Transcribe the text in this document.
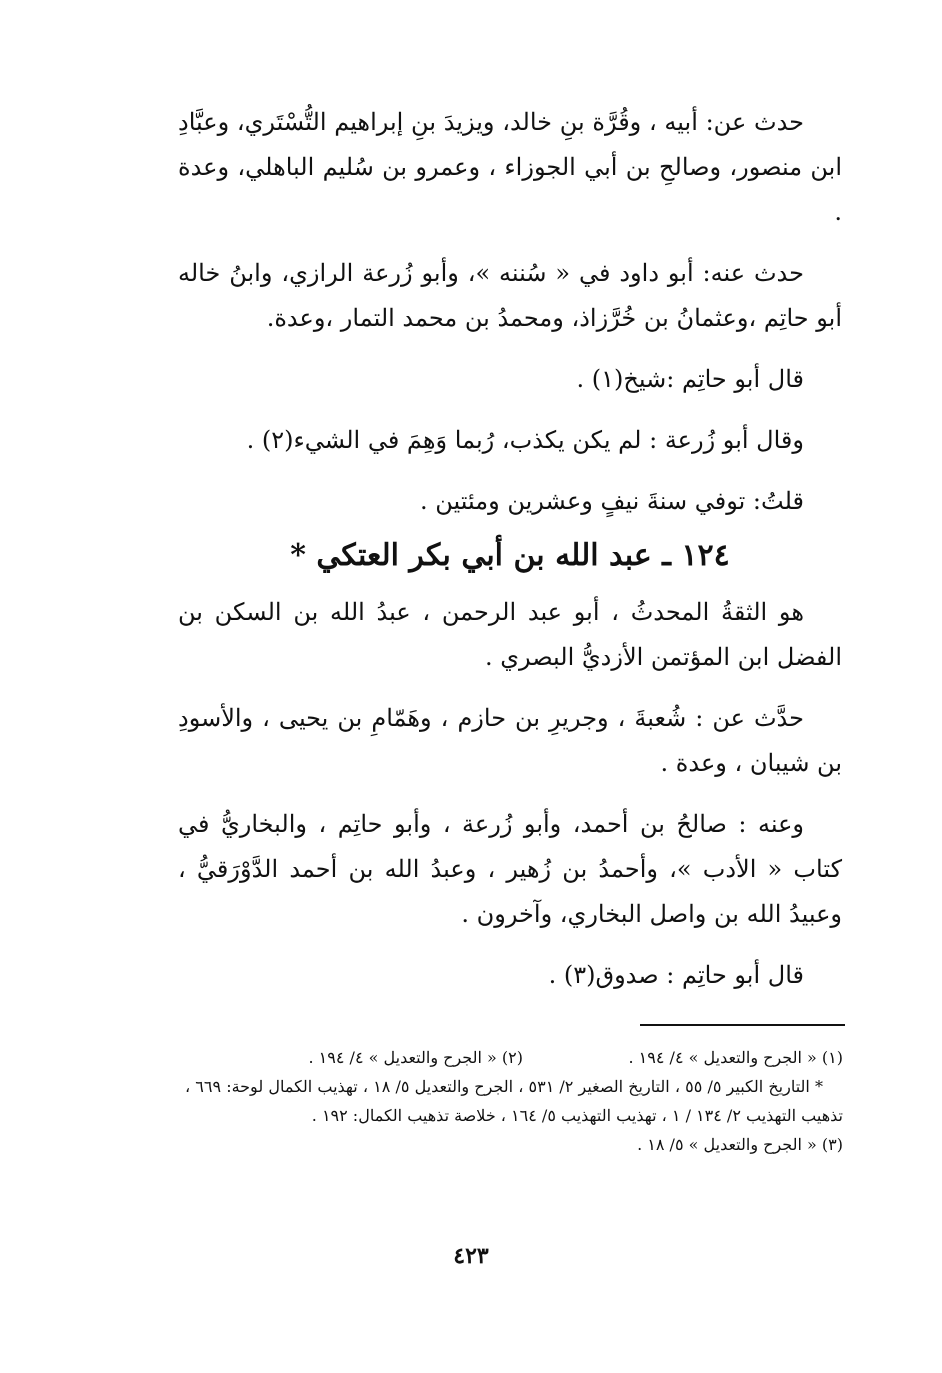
حدث عن: أبيه ، وقُرَّة بنِ خالد، ويزيدَ بنِ إبراهيم التُّسْتَري، وعبَّادِ ابن منصور، وصالحِ بن أبي الجوزاء ، وعمرو بن سُليم الباهلي، وعدة .

حدث عنه: أبو داود في « سُننه »، وأبو زُرعة الرازي، وابنُ خاله أبو حاتِم ،وعثمانُ بن خُرَّزاذ، ومحمدُ بن محمد التمار ،وعدة.

قال أبو حاتِم :شيخ(١) .

وقال أبو زُرعة : لم يكن يكذب، رُبما وَهِمَ في الشيء(٢) .

قلتُ: توفي سنةَ نيفٍ وعشرين ومئتين .

١٢٤ ـ عبد الله بن أبي بكر العتكي *

هو الثقةُ المحدثُ ، أبو عبد الرحمن ، عبدُ الله بن السكن بن الفضل ابن المؤتمن الأزديُّ البصري .

حدَّث عن : شُعبةَ ، وجريرِ بن حازم ، وهَمّامِ بن يحيى ، والأسودِ بن شيبان ، وعدة .

وعنه : صالحُ بن أحمد، وأبو زُرعة ، وأبو حاتِم ، والبخاريُّ في كتاب « الأدب »، وأحمدُ بن زُهير ، وعبدُ الله بن أحمد الدَّوْرَقيُّ ، وعبيدُ الله بن واصل البخاري، وآخرون .

قال أبو حاتِم : صدوق(٣) .

(١) « الجرح والتعديل » ٤/ ١٩٤ .
(٢) « الجرح والتعديل » ٤/ ١٩٤ .
* التاريخ الكبير ٥/ ٥٥ ، التاريخ الصغير ٢/ ٥٣١ ، الجرح والتعديل ٥/ ١٨ ، تهذيب الكمال لوحة: ٦٦٩ ، تذهيب التهذيب ٢/ ١٣٤ / ١ ، تهذيب التهذيب ٥/ ١٦٤ ، خلاصة تذهيب الكمال: ١٩٢ .
(٣) « الجرح والتعديل » ٥/ ١٨ .
٤٢٣
